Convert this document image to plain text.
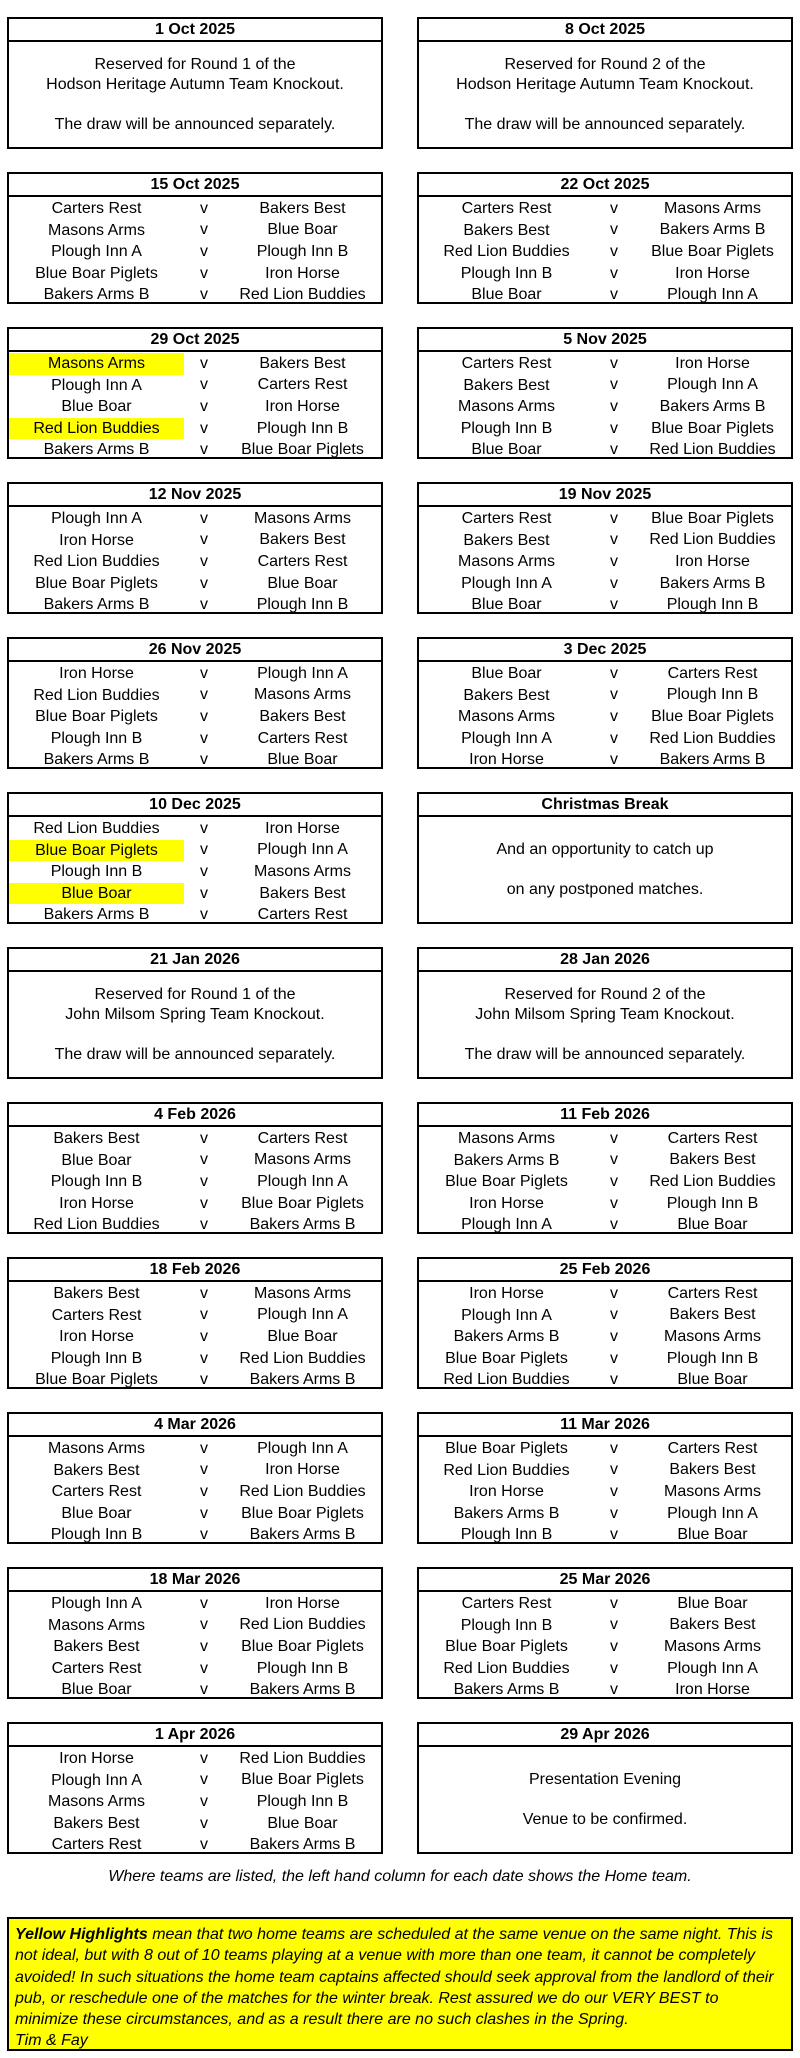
1 Oct 2025

Reserved for Round 1 of the

Hodson Heritage Autumn Team Knockout.

The draw will be announced separately.

8 Oct 2025

Reserved for Round 2 of the

Hodson Heritage Autumn Team Knockout.

The draw will be announced separately.

15 Oct 2025
Carters Rest	v	Bakers Best
Masons Arms	v	Blue Boar
Plough Inn A	v	Plough Inn B
Blue Boar Piglets	v	Iron Horse
Bakers Arms B	v	Red Lion Buddies
22 Oct 2025
Carters Rest	v	Masons Arms
Bakers Best	v	Bakers Arms B
Red Lion Buddies	v	Blue Boar Piglets
Plough Inn B	v	Iron Horse
Blue Boar	v	Plough Inn A
29 Oct 2025
Masons Arms	v	Bakers Best
Plough Inn A	v	Carters Rest
Blue Boar	v	Iron Horse
Red Lion Buddies	v	Plough Inn B
Bakers Arms B	v	Blue Boar Piglets
5 Nov 2025
Carters Rest	v	Iron Horse
Bakers Best	v	Plough Inn A
Masons Arms	v	Bakers Arms B
Plough Inn B	v	Blue Boar Piglets
Blue Boar	v	Red Lion Buddies
12 Nov 2025
Plough Inn A	v	Masons Arms
Iron Horse	v	Bakers Best
Red Lion Buddies	v	Carters Rest
Blue Boar Piglets	v	Blue Boar
Bakers Arms B	v	Plough Inn B
19 Nov 2025
Carters Rest	v	Blue Boar Piglets
Bakers Best	v	Red Lion Buddies
Masons Arms	v	Iron Horse
Plough Inn A	v	Bakers Arms B
Blue Boar	v	Plough Inn B
26 Nov 2025
Iron Horse	v	Plough Inn A
Red Lion Buddies	v	Masons Arms
Blue Boar Piglets	v	Bakers Best
Plough Inn B	v	Carters Rest
Bakers Arms B	v	Blue Boar
3 Dec 2025
Blue Boar	v	Carters Rest
Bakers Best	v	Plough Inn B
Masons Arms	v	Blue Boar Piglets
Plough Inn A	v	Red Lion Buddies
Iron Horse	v	Bakers Arms B
10 Dec 2025
Red Lion Buddies	v	Iron Horse
Blue Boar Piglets	v	Plough Inn A
Plough Inn B	v	Masons Arms
Blue Boar	v	Bakers Best
Bakers Arms B	v	Carters Rest
Christmas Break

And an opportunity to catch up

on any postponed matches.

21 Jan 2026

Reserved for Round 1 of the

John Milsom Spring Team Knockout.

The draw will be announced separately.

28 Jan 2026

Reserved for Round 2 of the

John Milsom Spring Team Knockout.

The draw will be announced separately.

4 Feb 2026
Bakers Best	v	Carters Rest
Blue Boar	v	Masons Arms
Plough Inn B	v	Plough Inn A
Iron Horse	v	Blue Boar Piglets
Red Lion Buddies	v	Bakers Arms B
11 Feb 2026
Masons Arms	v	Carters Rest
Bakers Arms B	v	Bakers Best
Blue Boar Piglets	v	Red Lion Buddies
Iron Horse	v	Plough Inn B
Plough Inn A	v	Blue Boar
18 Feb 2026
Bakers Best	v	Masons Arms
Carters Rest	v	Plough Inn A
Iron Horse	v	Blue Boar
Plough Inn B	v	Red Lion Buddies
Blue Boar Piglets	v	Bakers Arms B
25 Feb 2026
Iron Horse	v	Carters Rest
Plough Inn A	v	Bakers Best
Bakers Arms B	v	Masons Arms
Blue Boar Piglets	v	Plough Inn B
Red Lion Buddies	v	Blue Boar
4 Mar 2026
Masons Arms	v	Plough Inn A
Bakers Best	v	Iron Horse
Carters Rest	v	Red Lion Buddies
Blue Boar	v	Blue Boar Piglets
Plough Inn B	v	Bakers Arms B
11 Mar 2026
Blue Boar Piglets	v	Carters Rest
Red Lion Buddies	v	Bakers Best
Iron Horse	v	Masons Arms
Bakers Arms B	v	Plough Inn A
Plough Inn B	v	Blue Boar
18 Mar 2026
Plough Inn A	v	Iron Horse
Masons Arms	v	Red Lion Buddies
Bakers Best	v	Blue Boar Piglets
Carters Rest	v	Plough Inn B
Blue Boar	v	Bakers Arms B
25 Mar 2026
Carters Rest	v	Blue Boar
Plough Inn B	v	Bakers Best
Blue Boar Piglets	v	Masons Arms
Red Lion Buddies	v	Plough Inn A
Bakers Arms B	v	Iron Horse
1 Apr 2026
Iron Horse	v	Red Lion Buddies
Plough Inn A	v	Blue Boar Piglets
Masons Arms	v	Plough Inn B
Bakers Best	v	Blue Boar
Carters Rest	v	Bakers Arms B
29 Apr 2026

Presentation Evening

Venue to be confirmed.

Where teams are listed, the left hand column for each date shows the Home team.
Yellow Highlights mean that two home teams are scheduled at the same venue on the same night. This is not ideal, but with 8 out of 10 teams playing at a venue with more than one team, it cannot be completely avoided! In such situations the home team captains affected should seek approval from the landlord of their pub, or reschedule one of the matches for the winter break. Rest assured we do our VERY BEST to minimize these circumstances, and as a result there are no such clashes in the Spring.
Tim & Fay
